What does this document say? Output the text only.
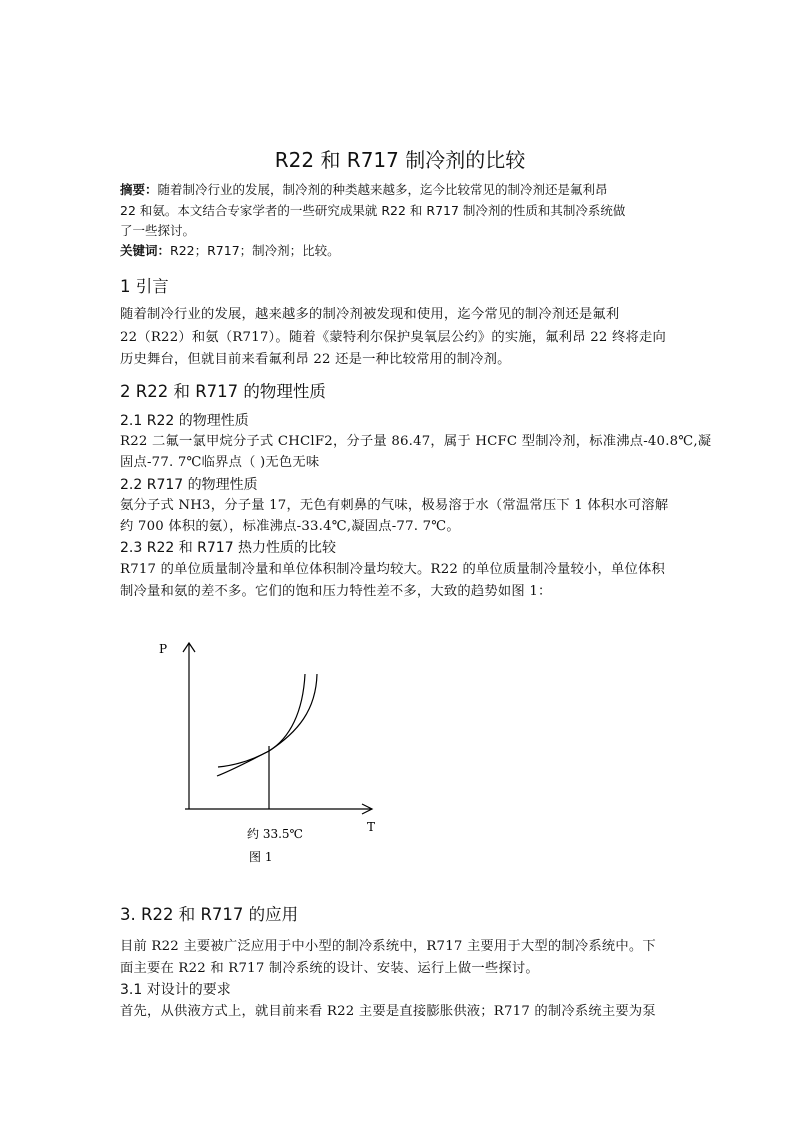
R22 和 R717 制冷剂的比较
摘要：随着制冷行业的发展，制冷剂的种类越来越多，迄今比较常见的制冷剂还是氟利昂
22 和氨。本文结合专家学者的一些研究成果就 R22 和 R717 制冷剂的性质和其制冷系统做
了一些探讨。
关键词：R22；R717；制冷剂；比较。
1 引言
随着制冷行业的发展，越来越多的制冷剂被发现和使用，迄今常见的制冷剂还是氟利
22（R22）和氨（R717）。随着《蒙特利尔保护臭氧层公约》的实施，氟利昂 22 终将走向
历史舞台，但就目前来看氟利昂 22 还是一种比较常用的制冷剂。
2 R22 和 R717 的物理性质
2.1 R22 的物理性质
R22 二氟一氯甲烷分子式 CHClF2，分子量 86.47，属于 HCFC 型制冷剂，标准沸点-40.8℃,凝
固点-77. 7℃临界点（ )无色无味
2.2 R717 的物理性质
氨分子式 NH3，分子量 17，无色有刺鼻的气味，极易溶于水（常温常压下 1 体积水可溶解
约 700 体积的氨），标准沸点-33.4℃,凝固点-77. 7℃。
2.3 R22 和 R717 热力性质的比较
R717 的单位质量制冷量和单位体积制冷量均较大。R22 的单位质量制冷量较小，单位体积
制冷量和氨的差不多。它们的饱和压力特性差不多，大致的趋势如图 1：
P
T
约 33.5℃
图 1
3. R22 和 R717 的应用
目前 R22 主要被广泛应用于中小型的制冷系统中，R717 主要用于大型的制冷系统中。下
面主要在 R22 和 R717 制冷系统的设计、安装、运行上做一些探讨。
3.1 对设计的要求
首先，从供液方式上，就目前来看 R22 主要是直接膨胀供液；R717 的制冷系统主要为泵
